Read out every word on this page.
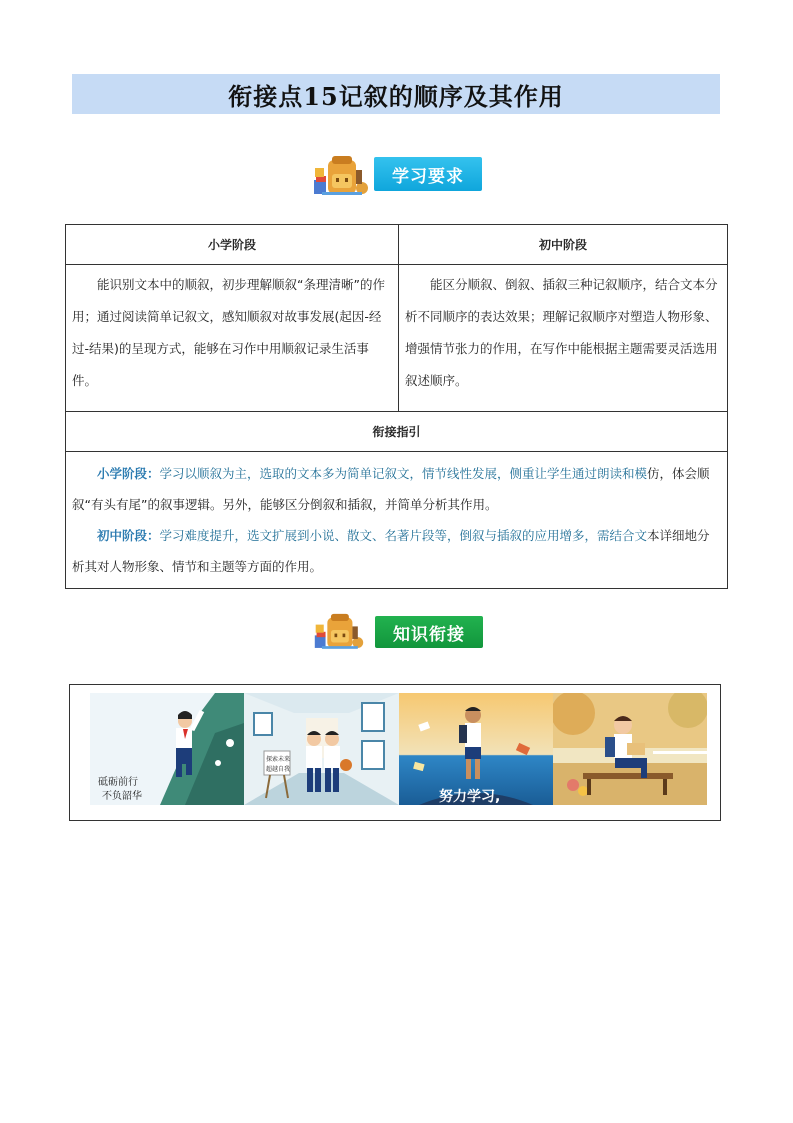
衔接点15记叙的顺序及其作用
学习要求
小学阶段	初中阶段

能识别文本中的顺叙，初步理解顺叙“条理清晰”的作用；通过阅读简单记叙文，感知顺叙对故事发展(起因-经过-结果)的呈现方式，能够在习作中用顺叙记录生活事件。	能区分顺叙、倒叙、插叙三种记叙顺序，结合文本分析不同顺序的表达效果；理解记叙顺序对塑造人物形象、增强情节张力的作用，在写作中能根据主题需要灵活选用叙述顺序。

衔接指引	

小学阶段：学习以顺叙为主，选取的文本多为简单记叙文，情节线性发展，侧重让学生通过朗读和模仿，体会顺叙“有头有尾”的叙事逻辑。另外，能够区分倒叙和插叙，并简单分析其作用。

初中阶段：学习难度提升，选文扩展到小说、散文、名著片段等，倒叙与插叙的应用增多，需结合文本详细地分析其对人物形象、情节和主题等方面的作用。	

知识衔接
砥砺前行
不负韶华
探索未来
超越自我
努力学习,
